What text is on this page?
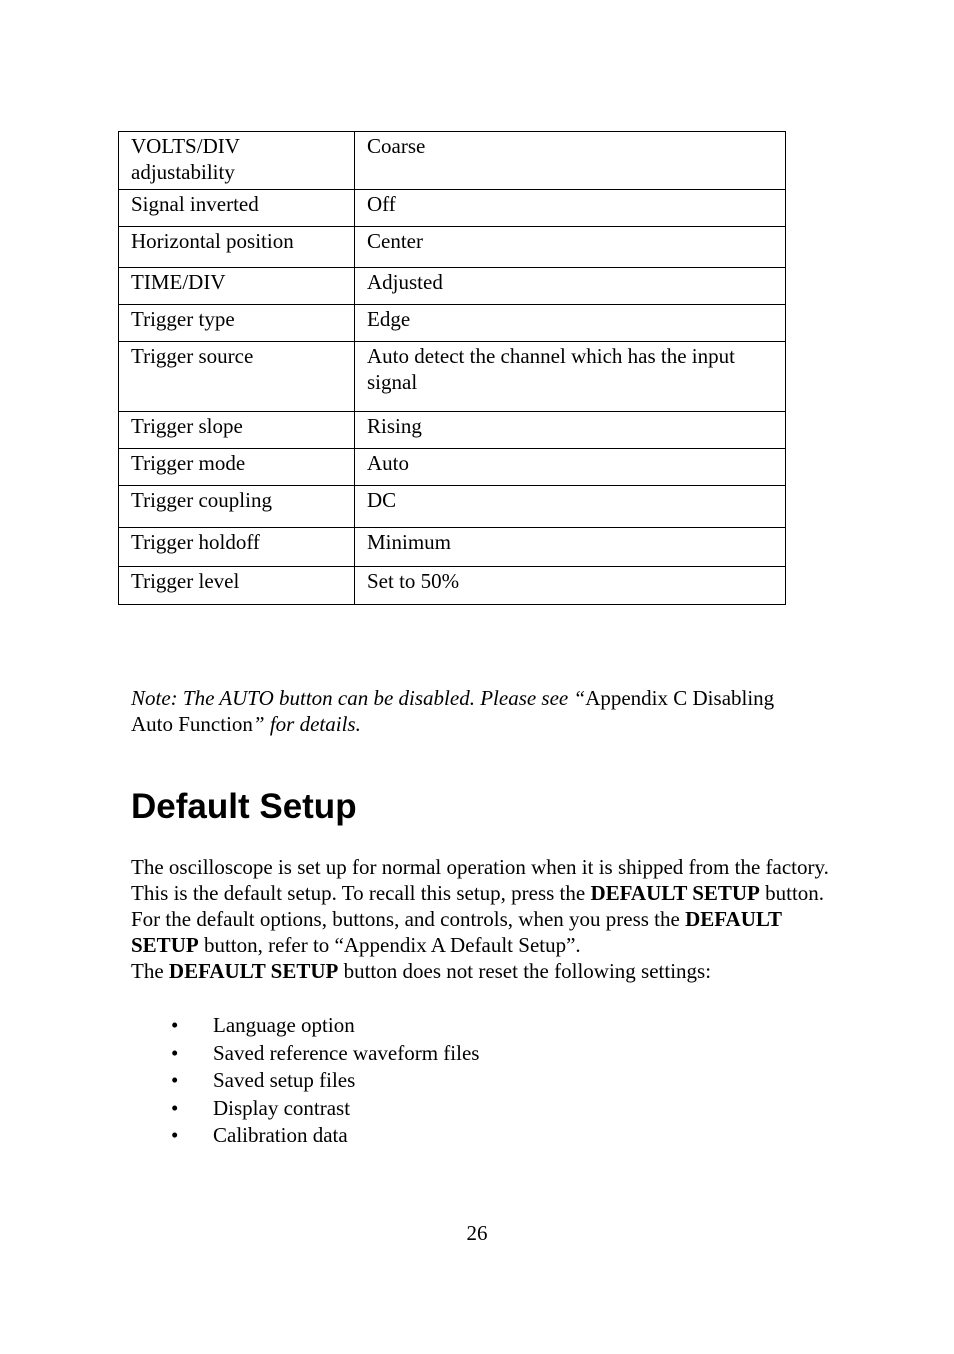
VOLTS/DIV adjustability	Coarse
Signal inverted	Off
Horizontal position	Center
TIME/DIV	Adjusted
Trigger type	Edge
Trigger source	Auto detect the channel which has the input signal
Trigger slope	Rising
Trigger mode	Auto
Trigger coupling	DC
Trigger holdoff	Minimum
Trigger level	Set to 50%

Note: The AUTO button can be disabled. Please see “Appendix C Disabling Auto Function” for details.

Default Setup

The oscilloscope is set up for normal operation when it is shipped from the factory. This is the default setup. To recall this setup, press the DEFAULT SETUP button. For the default options, buttons, and controls, when you press the DEFAULT SETUP button, refer to “Appendix A Default Setup”.
The DEFAULT SETUP button does not reset the following settings:

• Language option
• Saved reference waveform files
• Saved setup files
• Display contrast
• Calibration data
26
